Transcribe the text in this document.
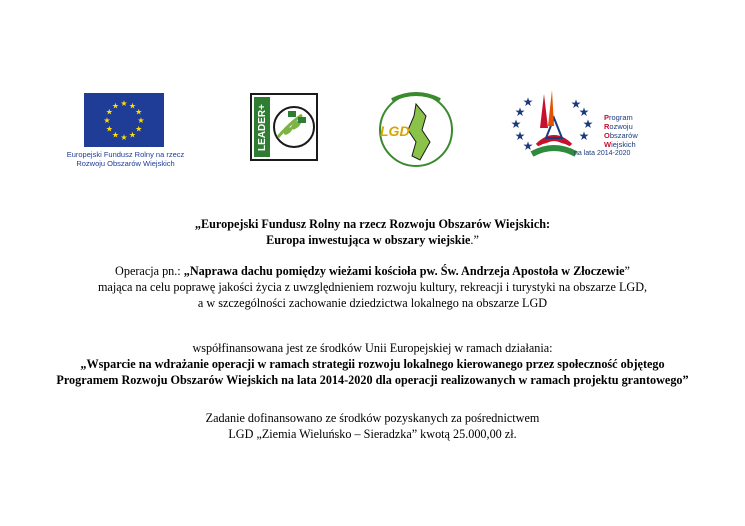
★ ★
★
★
★
★
★
★
★
★
★
★
Europejski Fundusz Rolny na rzecz
Rozwoju Obszarów Wiejskich
LEADER+	LGD	★
★
★
★
★
★
★
★
★
Program
Rozwoju
Obszarów
Wiejskich
na lata 2014-2020
„Europejski Fundusz Rolny na rzecz Rozwoju Obszarów Wiejskich:
Europa inwestująca w obszary wiejskie.”
Operacja pn.: „Naprawa dachu pomiędzy wieżami kościoła pw. Św. Andrzeja Apostoła w Złoczewie”
mająca na celu poprawę jakości życia z uwzględnieniem rozwoju kultury, rekreacji i turystyki na obszarze LGD,
a w szczególności zachowanie dziedzictwa lokalnego na obszarze LGD
współfinansowana jest ze środków Unii Europejskiej w ramach działania:
„Wsparcie na wdrażanie operacji w ramach strategii rozwoju lokalnego kierowanego przez społeczność objętego
Programem Rozwoju Obszarów Wiejskich na lata 2014-2020 dla operacji realizowanych w ramach projektu grantowego”
Zadanie dofinansowano ze środków pozyskanych za pośrednictwem
LGD „Ziemia Wieluńsko – Sieradzka” kwotą 25.000,00 zł.
